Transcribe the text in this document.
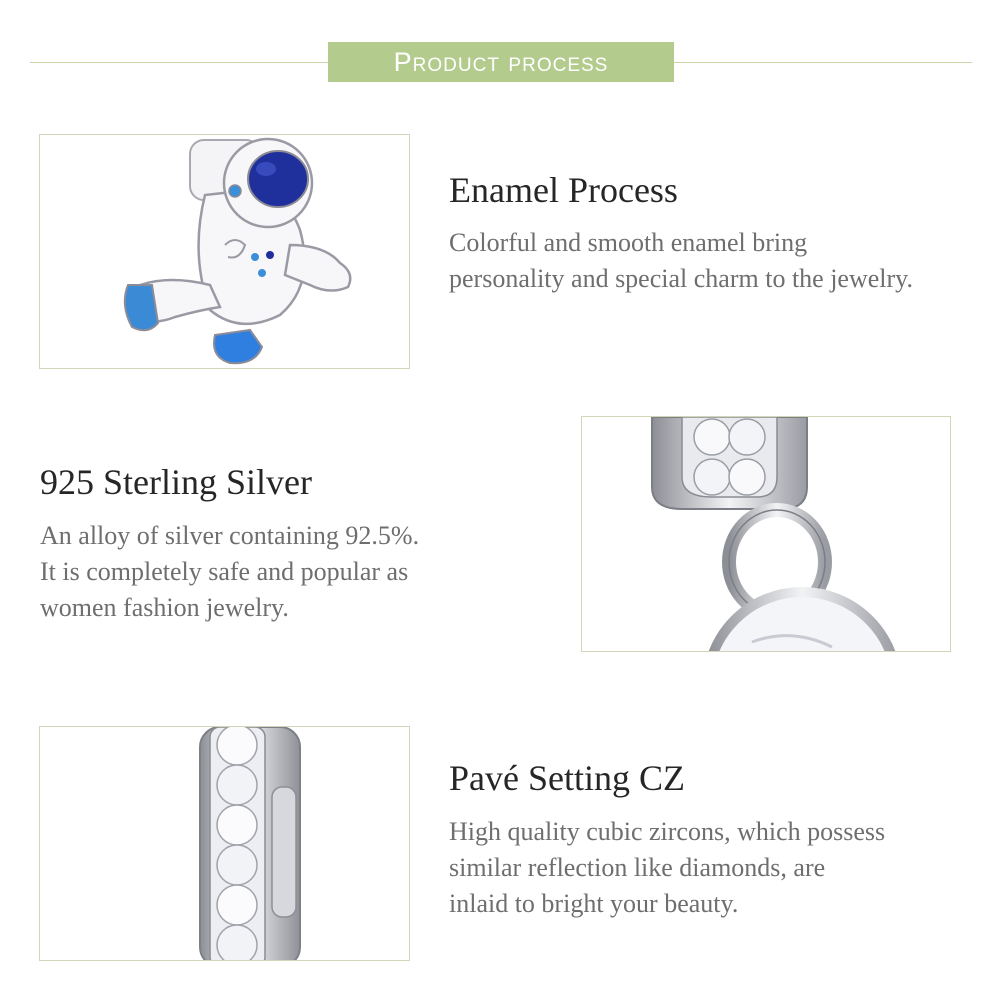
Product process
Enamel Process
Colorful and smooth enamel bring
personality and special charm to the jewelry.
925 Sterling Silver
An alloy of silver containing 92.5%.
It is completely safe and popular as
women fashion jewelry.
Pavé Setting CZ
High quality cubic zircons, which possess
similar reflection like diamonds, are
inlaid to bright your beauty.
